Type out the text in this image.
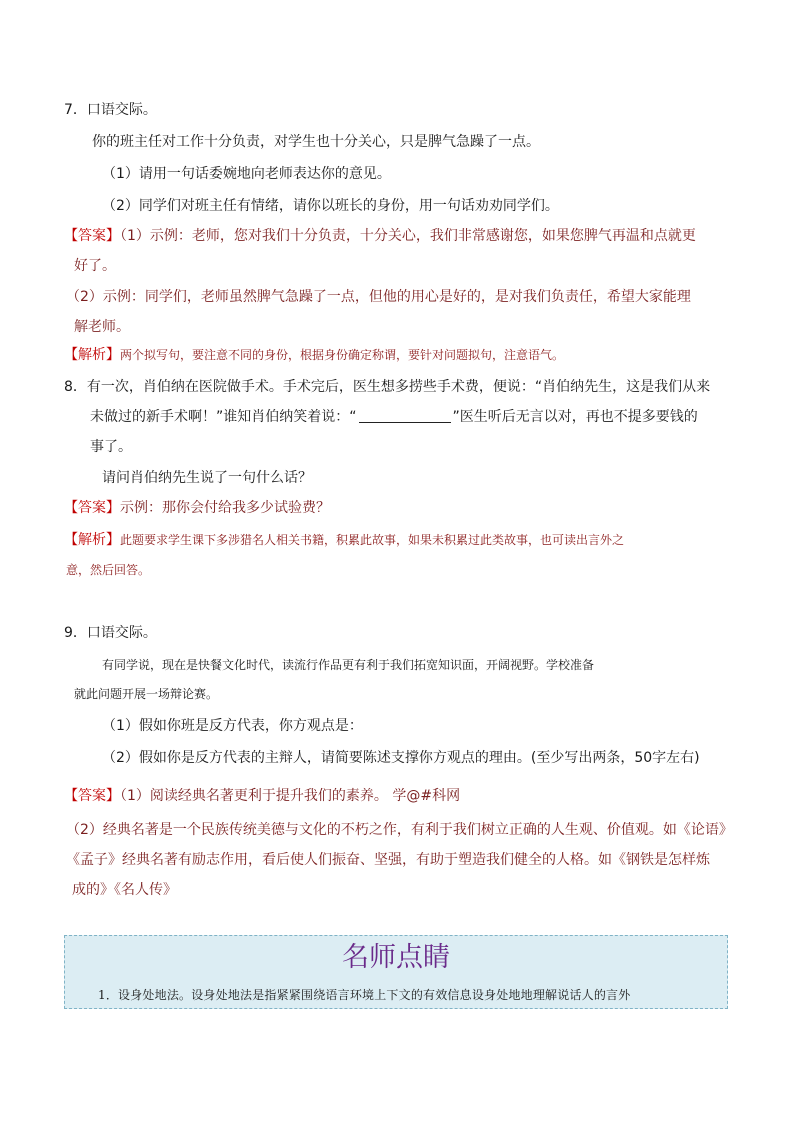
7．口语交际。
你的班主任对工作十分负责，对学生也十分关心，只是脾气急躁了一点。
（1）请用一句话委婉地向老师表达你的意见。
（2）同学们对班主任有情绪，请你以班长的身份，用一句话劝劝同学们。
【答案】（1）示例：老师，您对我们十分负责，十分关心，我们非常感谢您，如果您脾气再温和点就更
好了。
（2）示例：同学们，老师虽然脾气急躁了一点，但他的用心是好的，是对我们负责任，希望大家能理
解老师。
【解析】两个拟写句，要注意不同的身份，根据身份确定称谓，要针对问题拟句，注意语气。
8．有一次，肖伯纳在医院做手术。手术完后，医生想多捞些手术费，便说：“肖伯纳先生，这是我们从来
未做过的新手术啊！”谁知肖伯纳笑着说：“	”医生听后无言以对，再也不提多要钱的
事了。
请问肖伯纳先生说了一句什么话？
【答案】示例：那你会付给我多少试验费？
【解析】此题要求学生课下多涉猎名人相关书籍，积累此故事，如果未积累过此类故事，也可读出言外之
意，然后回答。
9．口语交际。
有同学说，现在是快餐文化时代，读流行作品更有利于我们拓宽知识面，开阔视野。学校准备
就此问题开展一场辩论赛。
（1）假如你班是反方代表，你方观点是：
（2）假如你是反方代表的主辩人，请简要陈述支撑你方观点的理由。(至少写出两条，50字左右)
【答案】（1）阅读经典名著更利于提升我们的素养。 学@#科网
（2）经典名著是一个民族传统美德与文化的不朽之作，有利于我们树立正确的人生观、价值观。如《论语》
《孟子》经典名著有励志作用，看后使人们振奋、坚强，有助于塑造我们健全的人格。如《钢铁是怎样炼
成的》《名人传》
名师点睛
1．设身处地法。设身处地法是指紧紧围绕语言环境上下文的有效信息设身处地地理解说话人的言外
